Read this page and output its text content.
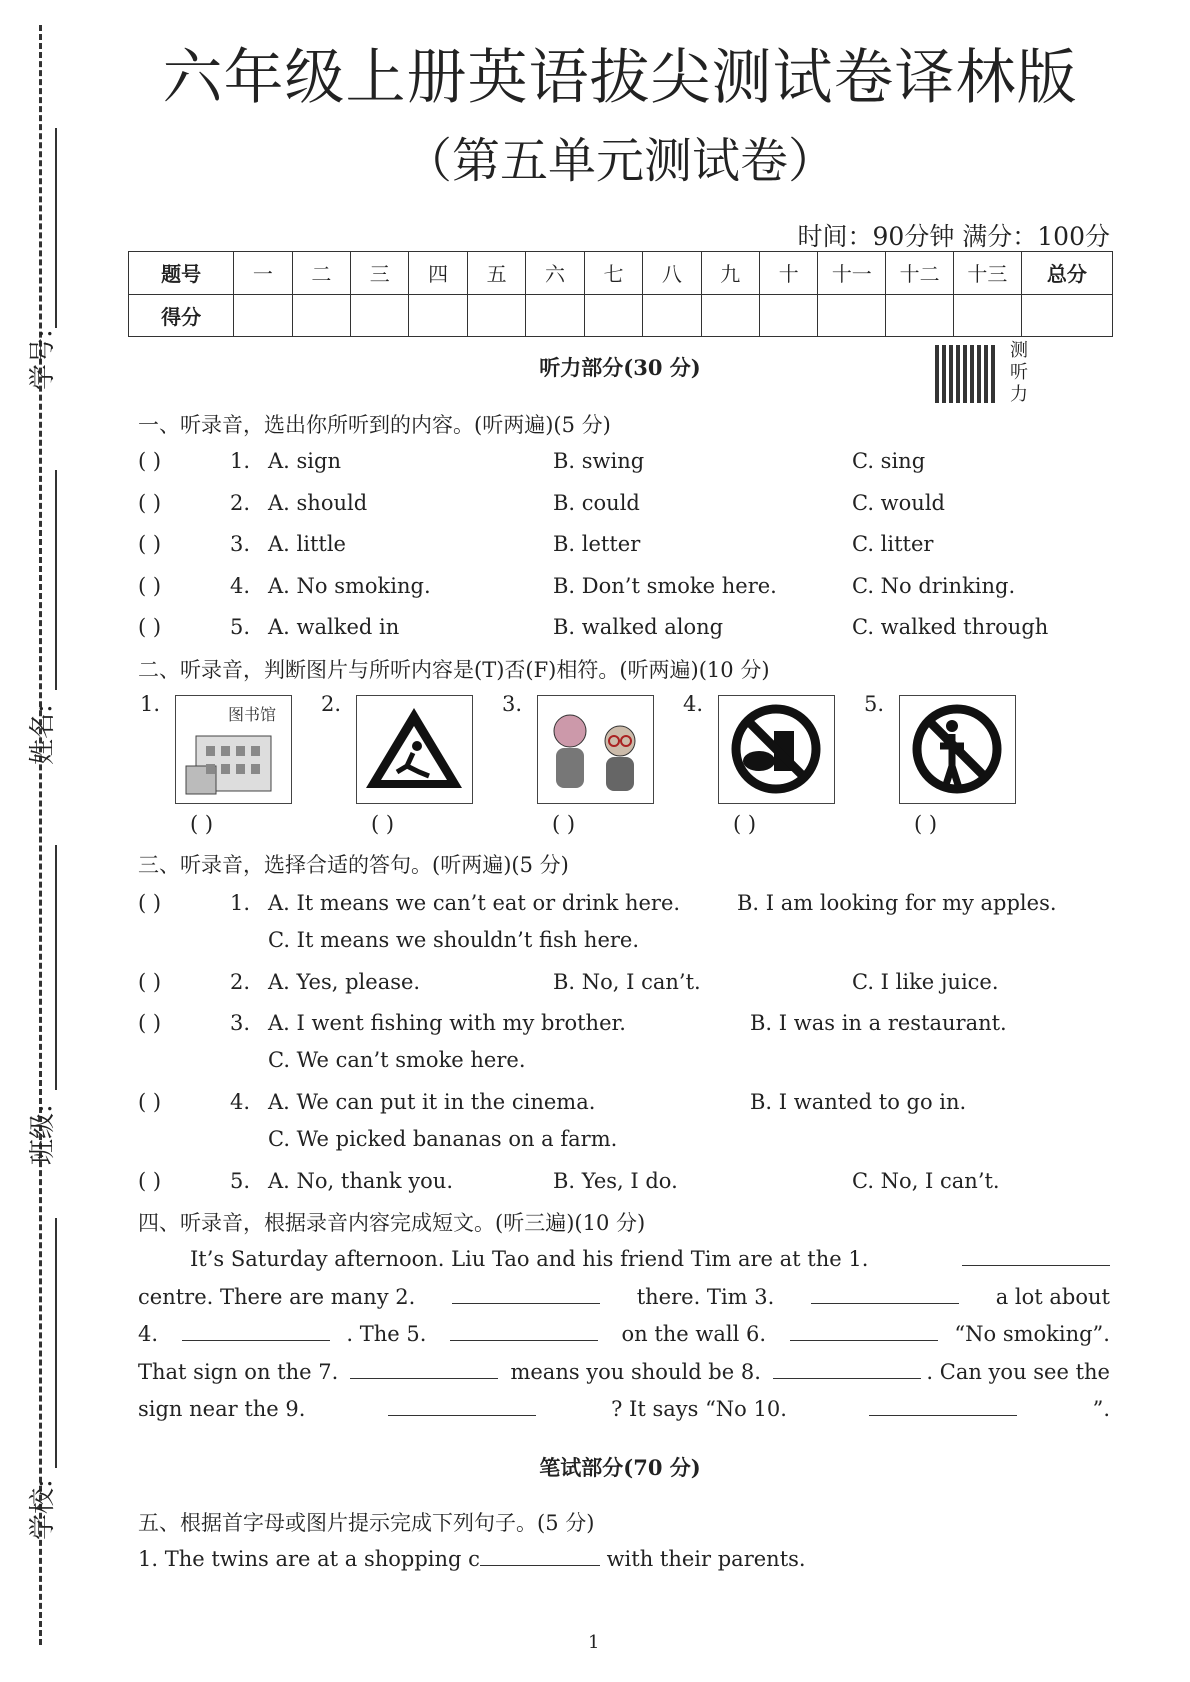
学号:
姓名:
班级:
学校:
六年级上册英语拔尖测试卷译林版
（第五单元测试卷）
时间：90分钟 满分：100分
题号	一	二	三	四	五	六	七	八	九	十	十一	十二	十三	总分
得分														
听力部分(30 分)
测听力
一、听录音，选出你所听到的内容。(听两遍)(5 分)
( )	1. A. sign	B. swing	C. sing
( )	2. A. should	B. could	C. would
( )	3. A. little	B. letter	C. litter
( )	4. A. No smoking.	B. Don’t smoke here.	C. No drinking.
( )	5. A. walked in	B. walked along	C. walked through
二、听录音，判断图片与所听内容是(T)否(F)相符。(听两遍)(10 分)
1.	图书馆
( )
2.
( )
3.
( )
4.
( )
5.
( )
三、听录音，选择合适的答句。(听两遍)(5 分)
( )	1. A. It means we can’t eat or drink here.	B. I am looking for my apples.
C. It means we shouldn’t fish here.
( )	2. A. Yes, please.	B. No, I can’t.	C. I like juice.
( )	3. A. I went fishing with my brother.	B. I was in a restaurant.
C. We can’t smoke here.
( )	4. A. We can put it in the cinema.	B. I wanted to go in.
C. We picked bananas on a farm.
( )	5. A. No, thank you.	B. Yes, I do.	C. No, I can’t.
四、听录音，根据录音内容完成短文。(听三遍)(10 分)
It’s Saturday afternoon. Liu Tao and his friend Tim are at the 1.
centre. There are many 2.	there. Tim 3.	a lot about
4.	. The 5.	on the wall 6.	“No smoking”.
That sign on the 7.	means you should be 8.	. Can you see the
sign near the 9.	? It says “No 10.	”.
笔试部分(70 分)
五、根据首字母或图片提示完成下列句子。(5 分)
1. The twins are at a shopping c	with their parents.
1
